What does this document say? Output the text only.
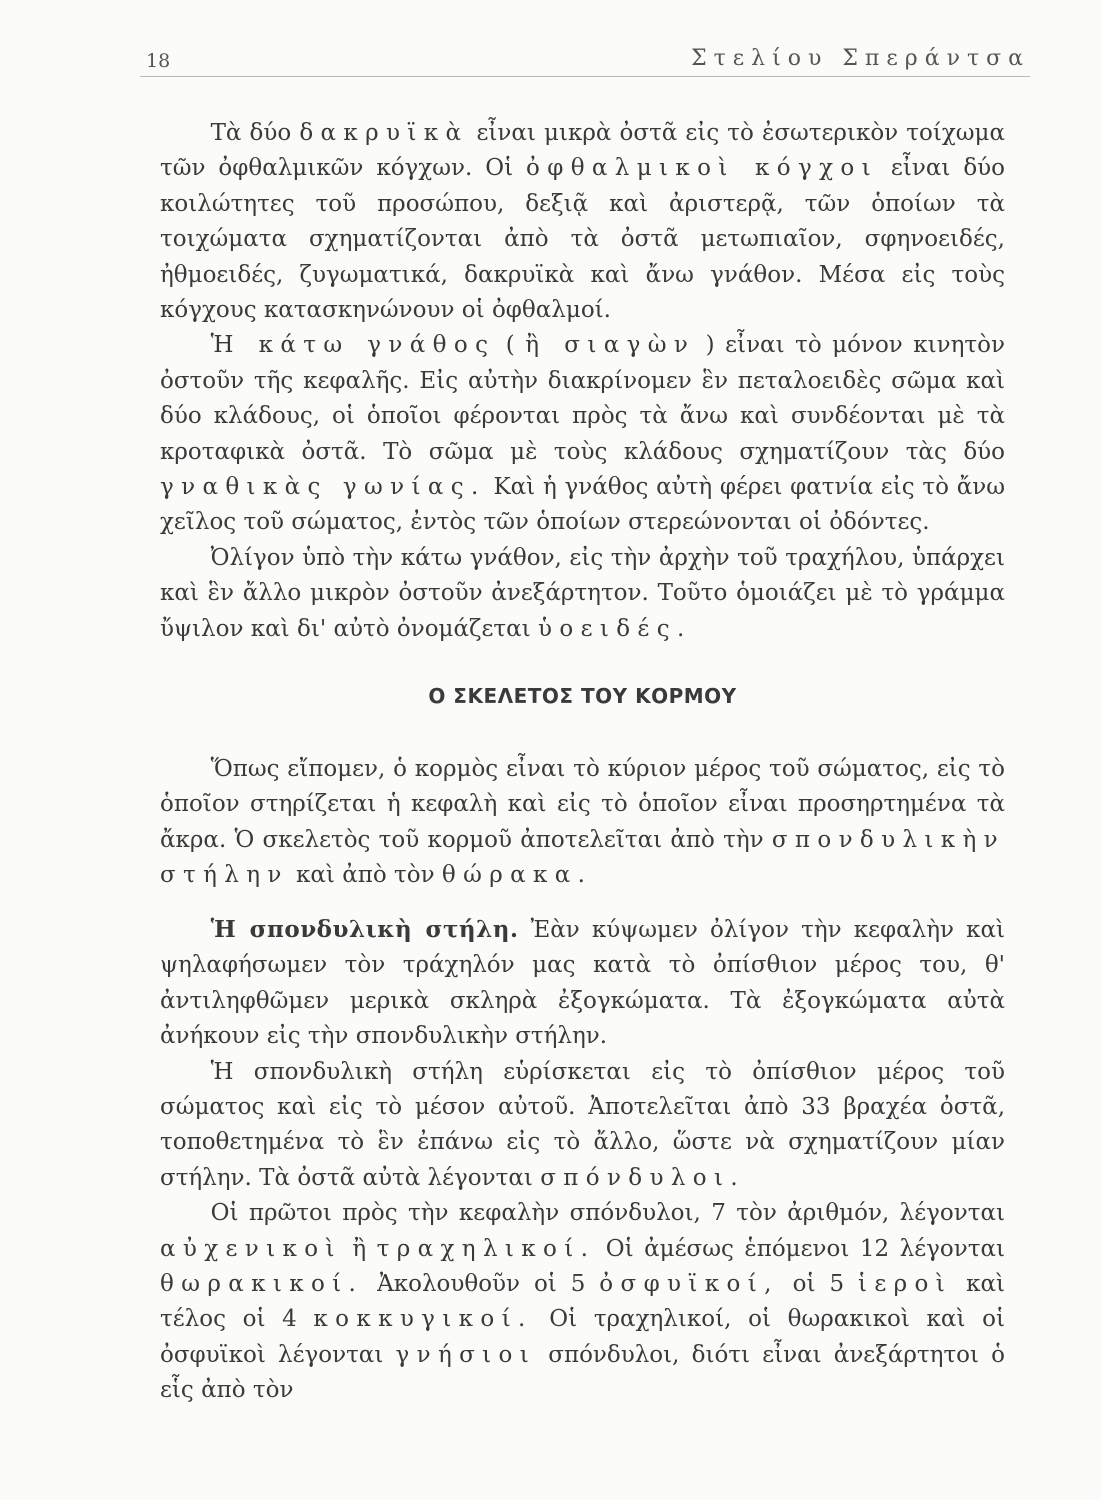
18	Στελίου Σπεράντσα

Τὰ δύο δακρυϊκὰ εἶναι μικρὰ ὀστᾶ εἰς τὸ ἐσωτερικὸν τοίχωμα τῶν ὀφθαλμικῶν κόγχων. Οἱ ὀφθαλμικοὶ κόγχοι εἶναι δύο κοιλώτητες τοῦ προσώπου, δεξιᾷ καὶ ἀριστερᾷ, τῶν ὁποίων τὰ τοιχώματα σχηματίζονται ἀπὸ τὰ ὀστᾶ μετωπιαῖον, σφηνοειδές, ἠθμοειδές, ζυγωματικά, δακρυϊκὰ καὶ ἄνω γνάθον. Μέσα εἰς τοὺς κόγχους κατασκηνώνουν οἱ ὀφθαλμοί.

Ἡ κάτω γνάθος ( ἢ σιαγὼν ) εἶναι τὸ μόνον κινητὸν ὀστοῦν τῆς κεφαλῆς. Εἰς αὐτὴν διακρίνομεν ἓν πεταλοειδὲς σῶμα καὶ δύο κλάδους, οἱ ὁποῖοι φέρονται πρὸς τὰ ἄνω καὶ συνδέονται μὲ τὰ κροταφικὰ ὀστᾶ. Τὸ σῶμα μὲ τοὺς κλάδους σχηματίζουν τὰς δύο γναθικὰς γωνίας. Καὶ ἡ γνάθος αὐτὴ φέρει φατνία εἰς τὸ ἄνω χεῖλος τοῦ σώματος, ἐντὸς τῶν ὁποίων στερεώνονται οἱ ὀδόντες.

Ὀλίγον ὑπὸ τὴν κάτω γνάθον, εἰς τὴν ἀρχὴν τοῦ τραχήλου, ὑπάρχει καὶ ἓν ἄλλο μικρὸν ὀστοῦν ἀνεξάρτητον. Τοῦτο ὁμοιάζει μὲ τὸ γράμμα ὔψιλον καὶ δι' αὐτὸ ὀνομάζεται ὑοειδές.

Ο ΣΚΕΛΕΤΟΣ ΤΟΥ ΚΟΡΜΟΥ

Ὅπως εἴπομεν, ὁ κορμὸς εἶναι τὸ κύριον μέρος τοῦ σώματος, εἰς τὸ ὁποῖον στηρίζεται ἡ κεφαλὴ καὶ εἰς τὸ ὁποῖον εἶναι προσηρτημένα τὰ ἄκρα. Ὁ σκελετὸς τοῦ κορμοῦ ἀποτελεῖται ἀπὸ τὴν σπονδυλικὴν στήλην καὶ ἀπὸ τὸν θώρακα.

Ἡ σπονδυλικὴ στήλη. Ἐὰν κύψωμεν ὀλίγον τὴν κεφαλὴν καὶ ψηλαφήσωμεν τὸν τράχηλόν μας κατὰ τὸ ὀπίσθιον μέρος του, θ' ἀντιληφθῶμεν μερικὰ σκληρὰ ἐξογκώματα. Τὰ ἐξογκώματα αὐτὰ ἀνήκουν εἰς τὴν σπονδυλικὴν στήλην.

Ἡ σπονδυλικὴ στήλη εὑρίσκεται εἰς τὸ ὀπίσθιον μέρος τοῦ σώματος καὶ εἰς τὸ μέσον αὐτοῦ. Ἀποτελεῖται ἀπὸ 33 βραχέα ὀστᾶ, τοποθετημένα τὸ ἓν ἐπάνω εἰς τὸ ἄλλο, ὥστε νὰ σχηματίζουν μίαν στήλην. Τὰ ὀστᾶ αὐτὰ λέγονται σπόνδυλοι.

Οἱ πρῶτοι πρὸς τὴν κεφαλὴν σπόνδυλοι, 7 τὸν ἀριθμόν, λέγονται αὐχενικοὶ ἢ τραχηλικοί. Οἱ ἀμέσως ἑπόμενοι 12 λέγονται θωρακικοί. Ἀκολουθοῦν οἱ 5 ὀσφυϊκοί, οἱ 5 ἱεροὶ καὶ τέλος οἱ 4 κοκκυγικοί. Οἱ τραχηλικοί, οἱ θωρακικοὶ καὶ οἱ ὀσφυϊκοὶ λέγονται γνήσιοι σπόνδυλοι, διότι εἶναι ἀνεξάρτητοι ὁ εἷς ἀπὸ τὸν
